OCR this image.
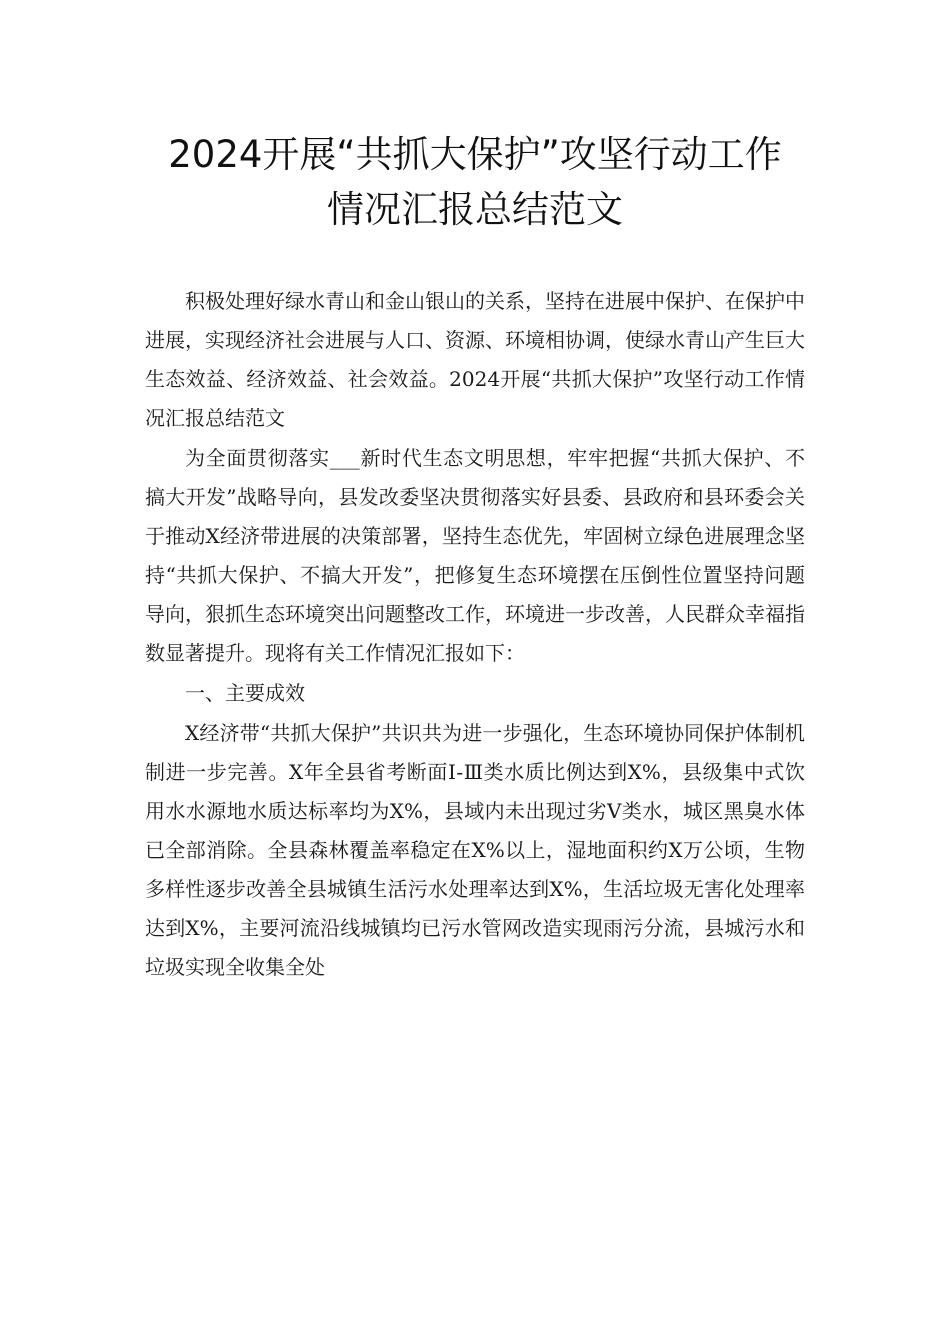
2024开展“共抓大保护”攻坚行动工作
情况汇报总结范文

积极处理好绿水青山和金山银山的关系，坚持在进展中保护、在保护中进展，实现经济社会进展与人口、资源、环境相协调，使绿水青山产生巨大生态效益、经济效益、社会效益。2024开展“共抓大保护”攻坚行动工作情况汇报总结范文

为全面贯彻落实___新时代生态文明思想，牢牢把握“共抓大保护、不搞大开发”战略导向，县发改委坚决贯彻落实好县委、县政府和县环委会关于推动X经济带进展的决策部署，坚持生态优先，牢固树立绿色进展理念坚持“共抓大保护、不搞大开发”，把修复生态环境摆在压倒性位置坚持问题导向，狠抓生态环境突出问题整改工作，环境进一步改善，人民群众幸福指数显著提升。现将有关工作情况汇报如下：

一、主要成效

X经济带“共抓大保护”共识共为进一步强化，生态环境协同保护体制机制进一步完善。X年全县省考断面Ⅰ-Ⅲ类水质比例达到X%，县级集中式饮用水水源地水质达标率均为X%，县域内未出现过劣Ⅴ类水，城区黑臭水体已全部消除。全县森林覆盖率稳定在X%以上，湿地面积约X万公顷，生物多样性逐步改善全县城镇生活污水处理率达到X%，生活垃圾无害化处理率达到X%，主要河流沿线城镇均已污水管网改造实现雨污分流，县城污水和垃圾实现全收集全处
